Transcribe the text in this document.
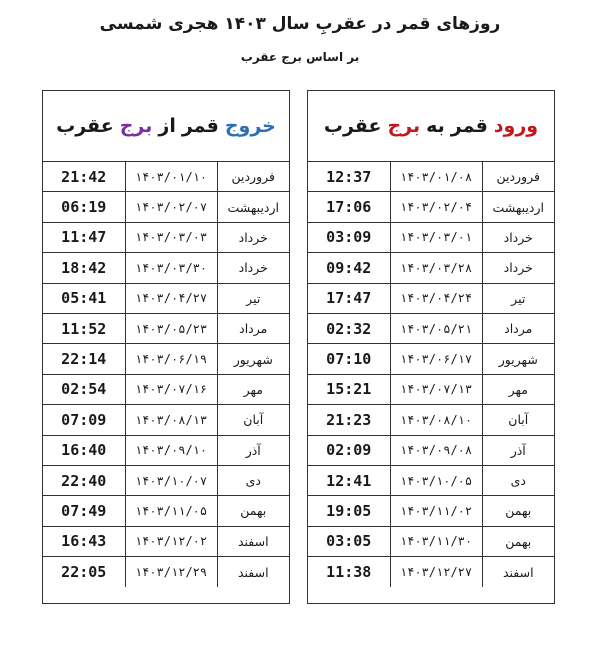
روزهای قمر در عقربِ سال ۱۴۰۳ هجری شمسی
بر اساس برج عقرب
ورود
قمر
به
برج
عقرب
فروردین	۱۴۰۳/۰۱/۰۸	12:37
اردیبهشت	۱۴۰۳/۰۲/۰۴	17:06
خرداد	۱۴۰۳/۰۳/۰۱	03:09
خرداد	۱۴۰۳/۰۳/۲۸	09:42
تیر	۱۴۰۳/۰۴/۲۴	17:47
مرداد	۱۴۰۳/۰۵/۲۱	02:32
شهریور	۱۴۰۳/۰۶/۱۷	07:10
مهر	۱۴۰۳/۰۷/۱۳	15:21
آبان	۱۴۰۳/۰۸/۱۰	21:23
آذر	۱۴۰۳/۰۹/۰۸	02:09
دی	۱۴۰۳/۱۰/۰۵	12:41
بهمن	۱۴۰۳/۱۱/۰۲	19:05
بهمن	۱۴۰۳/۱۱/۳۰	03:05
اسفند	۱۴۰۳/۱۲/۲۷	11:38
خروج
قمر
از
برج
عقرب
فروردین	۱۴۰۳/۰۱/۱۰	21:42
اردیبهشت	۱۴۰۳/۰۲/۰۷	06:19
خرداد	۱۴۰۳/۰۳/۰۳	11:47
خرداد	۱۴۰۳/۰۳/۳۰	18:42
تیر	۱۴۰۳/۰۴/۲۷	05:41
مرداد	۱۴۰۳/۰۵/۲۳	11:52
شهریور	۱۴۰۳/۰۶/۱۹	22:14
مهر	۱۴۰۳/۰۷/۱۶	02:54
آبان	۱۴۰۳/۰۸/۱۳	07:09
آذر	۱۴۰۳/۰۹/۱۰	16:40
دی	۱۴۰۳/۱۰/۰۷	22:40
بهمن	۱۴۰۳/۱۱/۰۵	07:49
اسفند	۱۴۰۳/۱۲/۰۲	16:43
اسفند	۱۴۰۳/۱۲/۲۹	22:05
